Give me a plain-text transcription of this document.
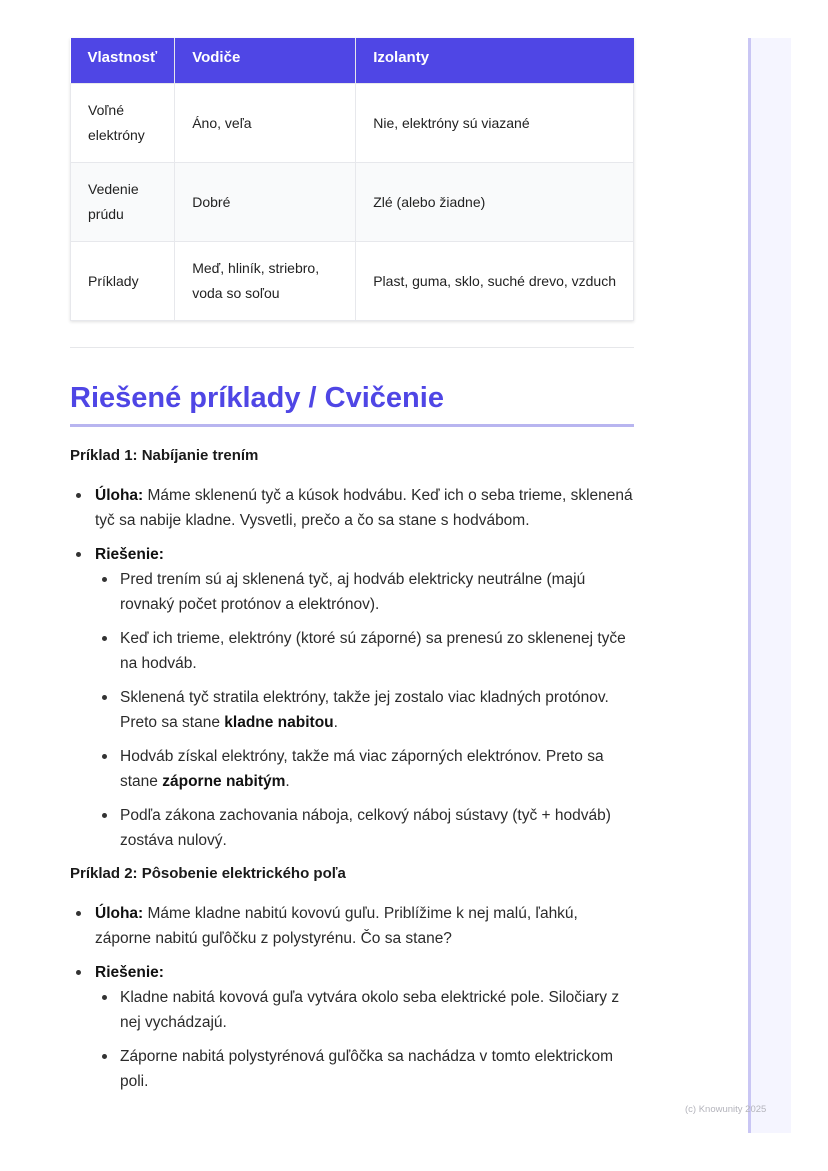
Vlastnosť	Vodiče	Izolanty
Voľné elektróny	Áno, veľa	Nie, elektróny sú viazané
Vedenie prúdu	Dobré	Zlé (alebo žiadne)
Príklady	Meď, hliník, striebro, voda so soľou	Plast, guma, sklo, suché drevo, vzduch
Riešené príklady / Cvičenie
Príklad 1: Nabíjanie trením
Úloha: Máme sklenenú tyč a kúsok hodvábu. Keď ich o seba trieme, sklenená tyč sa nabije kladne. Vysvetli, prečo a čo sa stane s hodvábom.
Riešenie:
Pred trením sú aj sklenená tyč, aj hodváb elektricky neutrálne (majú rovnaký počet protónov a elektrónov).
Keď ich trieme, elektróny (ktoré sú záporné) sa prenesú zo sklenenej tyče na hodváb.
Sklenená tyč stratila elektróny, takže jej zostalo viac kladných protónov. Preto sa stane kladne nabitou.
Hodváb získal elektróny, takže má viac záporných elektrónov. Preto sa stane záporne nabitým.
Podľa zákona zachovania náboja, celkový náboj sústavy (tyč + hodváb) zostáva nulový.
Príklad 2: Pôsobenie elektrického poľa
Úloha: Máme kladne nabitú kovovú guľu. Priblížime k nej malú, ľahkú, záporne nabitú guľôčku z polystyrénu. Čo sa stane?
Riešenie:
Kladne nabitá kovová guľa vytvára okolo seba elektrické pole. Siločiary z nej vychádzajú.
Záporne nabitá polystyrénová guľôčka sa nachádza v tomto elektrickom poli.
(c) Knowunity 2025
